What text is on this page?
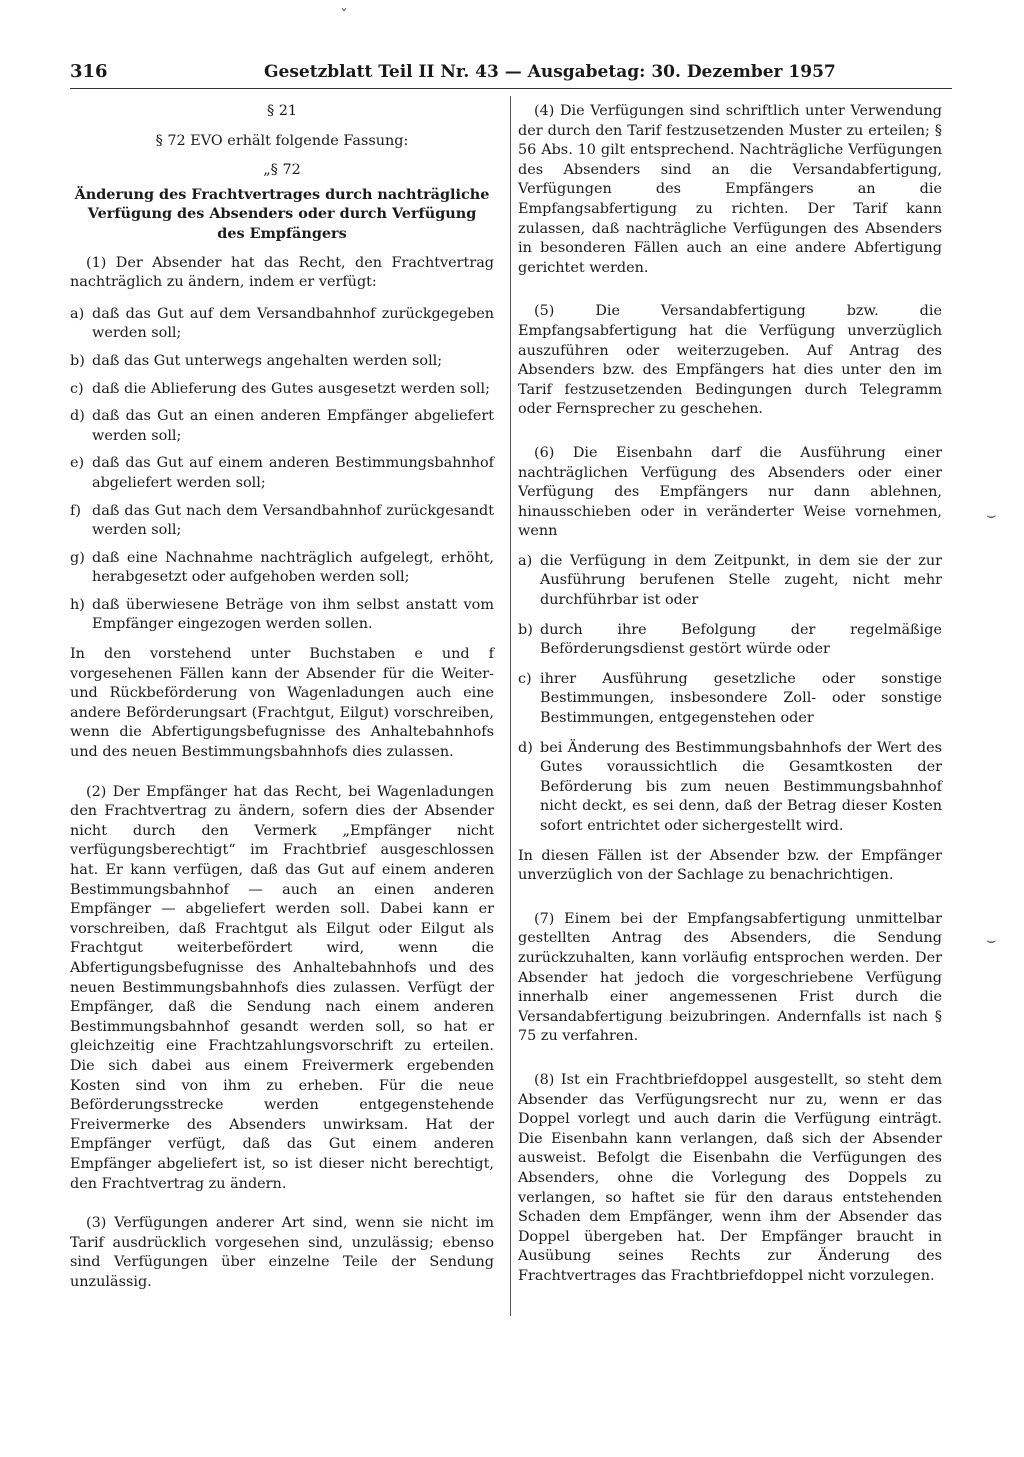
316	Gesetzblatt Teil II Nr. 43 — Ausgabetag: 30. Dezember 1957

§ 21

§ 72 EVO erhält folgende Fassung:

„§ 72

Änderung des Frachtvertrages durch nachträgliche Verfügung des Absenders oder durch Verfügung des Empfängers

(1) Der Absender hat das Recht, den Frachtvertrag nachträglich zu ändern, indem er verfügt:

a) daß das Gut auf dem Versandbahnhof zurückgegeben werden soll;
b) daß das Gut unterwegs angehalten werden soll;
c) daß die Ablieferung des Gutes ausgesetzt werden soll;
d) daß das Gut an einen anderen Empfänger abgeliefert werden soll;
e) daß das Gut auf einem anderen Bestimmungsbahnhof abgeliefert werden soll;
f) daß das Gut nach dem Versandbahnhof zurückgesandt werden soll;
g) daß eine Nachnahme nachträglich aufgelegt, erhöht, herabgesetzt oder aufgehoben werden soll;
h) daß überwiesene Beträge von ihm selbst anstatt vom Empfänger eingezogen werden sollen.

In den vorstehend unter Buchstaben e und f vorgesehenen Fällen kann der Absender für die Weiter- und Rückbeförderung von Wagenladungen auch eine andere Beförderungsart (Frachtgut, Eilgut) vorschreiben, wenn die Abfertigungsbefugnisse des Anhaltebahnhofs und des neuen Bestimmungsbahnhofs dies zulassen.

(2) Der Empfänger hat das Recht, bei Wagenladungen den Frachtvertrag zu ändern, sofern dies der Absender nicht durch den Vermerk „Empfänger nicht verfügungsberechtigt“ im Frachtbrief ausgeschlossen hat. Er kann verfügen, daß das Gut auf einem anderen Bestimmungsbahnhof — auch an einen anderen Empfänger — abgeliefert werden soll. Dabei kann er vorschreiben, daß Frachtgut als Eilgut oder Eilgut als Frachtgut weiterbefördert wird, wenn die Abfertigungsbefugnisse des Anhaltebahnhofs und des neuen Bestimmungsbahnhofs dies zulassen. Verfügt der Empfänger, daß die Sendung nach einem anderen Bestimmungsbahnhof gesandt werden soll, so hat er gleichzeitig eine Frachtzahlungsvorschrift zu erteilen. Die sich dabei aus einem Freivermerk ergebenden Kosten sind von ihm zu erheben. Für die neue Beförderungsstrecke werden entgegenstehende Freivermerke des Absenders unwirksam. Hat der Empfänger verfügt, daß das Gut einem anderen Empfänger abgeliefert ist, so ist dieser nicht berechtigt, den Frachtvertrag zu ändern.

(3) Verfügungen anderer Art sind, wenn sie nicht im Tarif ausdrücklich vorgesehen sind, unzulässig; ebenso sind Verfügungen über einzelne Teile der Sendung unzulässig.

(4) Die Verfügungen sind schriftlich unter Verwendung der durch den Tarif festzusetzenden Muster zu erteilen; § 56 Abs. 10 gilt entsprechend. Nachträgliche Verfügungen des Absenders sind an die Versandabfertigung, Verfügungen des Empfängers an die Empfangsabfertigung zu richten. Der Tarif kann zulassen, daß nachträgliche Verfügungen des Absenders in besonderen Fällen auch an eine andere Abfertigung gerichtet werden.

(5) Die Versandabfertigung bzw. die Empfangsabfertigung hat die Verfügung unverzüglich auszuführen oder weiterzugeben. Auf Antrag des Absenders bzw. des Empfängers hat dies unter den im Tarif festzusetzenden Bedingungen durch Telegramm oder Fernsprecher zu geschehen.

(6) Die Eisenbahn darf die Ausführung einer nachträglichen Verfügung des Absenders oder einer Verfügung des Empfängers nur dann ablehnen, hinausschieben oder in veränderter Weise vornehmen, wenn

a) die Verfügung in dem Zeitpunkt, in dem sie der zur Ausführung berufenen Stelle zugeht, nicht mehr durchführbar ist oder
b) durch ihre Befolgung der regelmäßige Beförderungsdienst gestört würde oder
c) ihrer Ausführung gesetzliche oder sonstige Bestimmungen, insbesondere Zoll- oder sonstige Bestimmungen, entgegenstehen oder
d) bei Änderung des Bestimmungsbahnhofs der Wert des Gutes voraussichtlich die Gesamtkosten der Beförderung bis zum neuen Bestimmungsbahnhof nicht deckt, es sei denn, daß der Betrag dieser Kosten sofort entrichtet oder sichergestellt wird.

In diesen Fällen ist der Absender bzw. der Empfänger unverzüglich von der Sachlage zu benachrichtigen.

(7) Einem bei der Empfangsabfertigung unmittelbar gestellten Antrag des Absenders, die Sendung zurückzuhalten, kann vorläufig entsprochen werden. Der Absender hat jedoch die vorgeschriebene Verfügung innerhalb einer angemessenen Frist durch die Versandabfertigung beizubringen. Andernfalls ist nach § 75 zu verfahren.

(8) Ist ein Frachtbriefdoppel ausgestellt, so steht dem Absender das Verfügungsrecht nur zu, wenn er das Doppel vorlegt und auch darin die Verfügung einträgt. Die Eisenbahn kann verlangen, daß sich der Absender ausweist. Befolgt die Eisenbahn die Verfügungen des Absenders, ohne die Vorlegung des Doppels zu verlangen, so haftet sie für den daraus entstehenden Schaden dem Empfänger, wenn ihm der Absender das Doppel übergeben hat. Der Empfänger braucht in Ausübung seines Rechts zur Änderung des Frachtvertrages das Frachtbriefdoppel nicht vorzulegen.

ˇ
⌣
⌣
